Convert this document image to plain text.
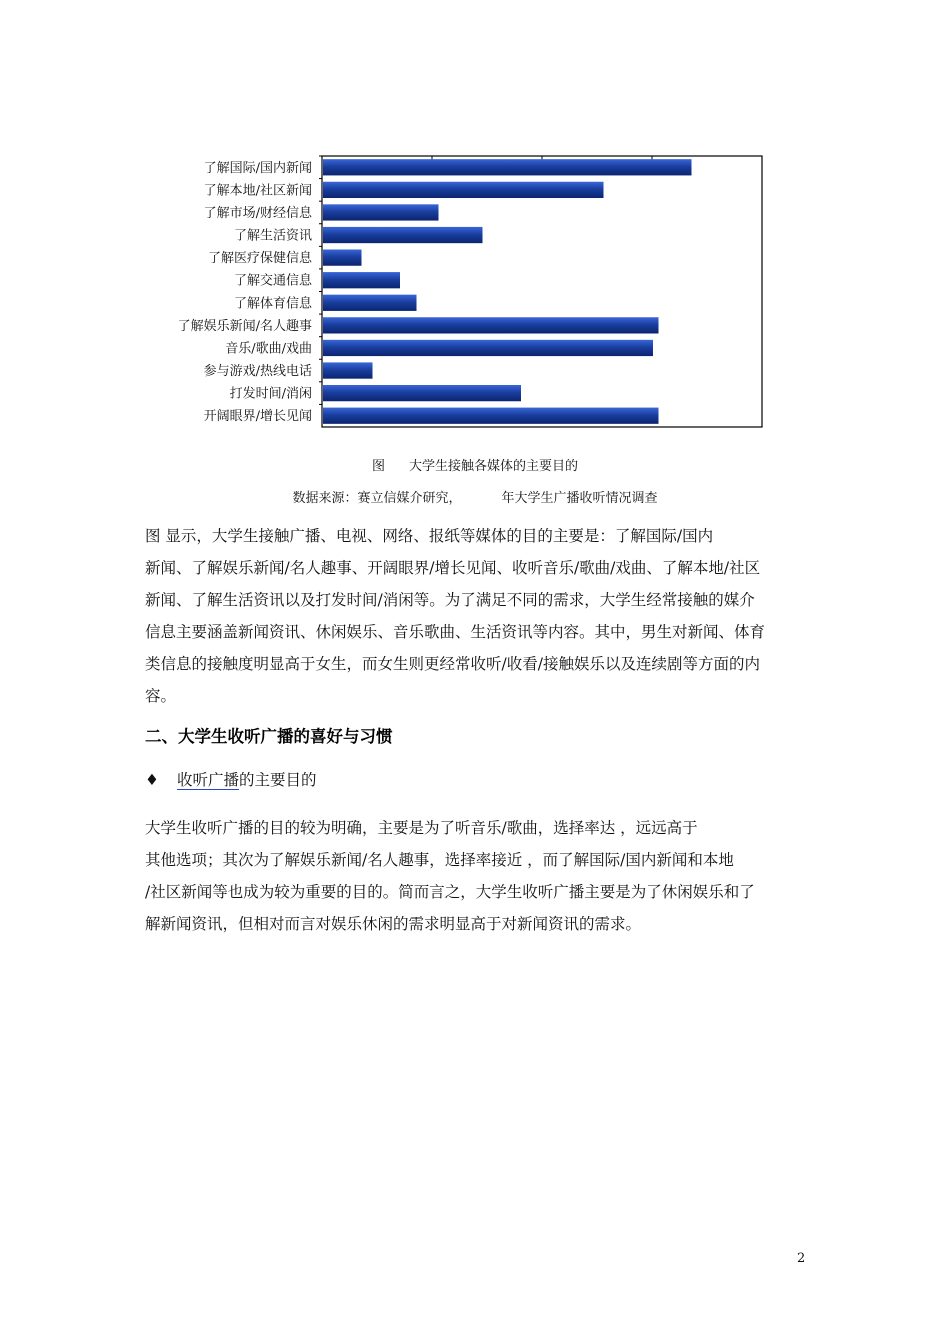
了解国际/国内新闻
了解本地/社区新闻
了解市场/财经信息
了解生活资讯
了解医疗保健信息
了解交通信息
了解体育信息
了解娱乐新闻/名人趣事
音乐/歌曲/戏曲
参与游戏/热线电话
打发时间/消闲
开阔眼界/增长见闻
图 大学生接触各媒体的主要目的
数据来源：赛立信媒介研究，	年大学生广播收听情况调查
图 显示，大学生接触广播、电视、网络、报纸等媒体的目的主要是：了解国际/国内
新闻、了解娱乐新闻/名人趣事、开阔眼界/增长见闻、收听音乐/歌曲/戏曲、了解本地/社区
新闻、了解生活资讯以及打发时间/消闲等。为了满足不同的需求，大学生经常接触的媒介
信息主要涵盖新闻资讯、休闲娱乐、音乐歌曲、生活资讯等内容。其中，男生对新闻、体育
类信息的接触度明显高于女生，而女生则更经常收听/收看/接触娱乐以及连续剧等方面的内
容。
二、大学生收听广播的喜好与习惯
♦ 收听广播的主要目的
大学生收听广播的目的较为明确，主要是为了听音乐/歌曲，选择率达 ，远远高于
其他选项；其次为了解娱乐新闻/名人趣事，选择率接近 ，而了解国际/国内新闻和本地
/社区新闻等也成为较为重要的目的。简而言之，大学生收听广播主要是为了休闲娱乐和了
解新闻资讯，但相对而言对娱乐休闲的需求明显高于对新闻资讯的需求。
2
